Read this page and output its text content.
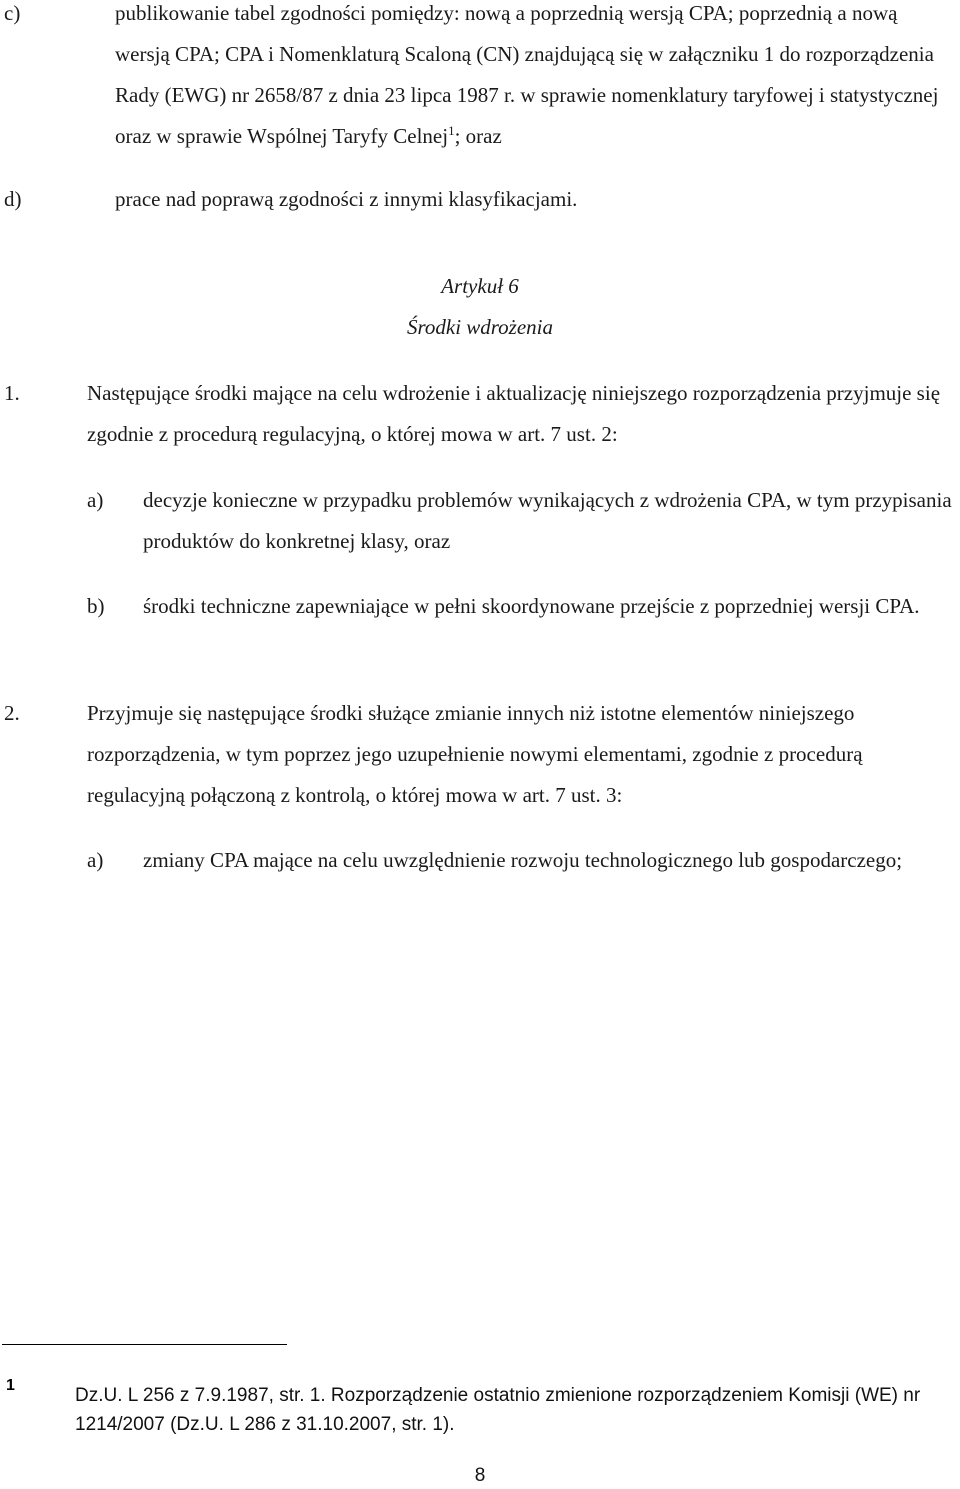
c)	publikowanie tabel zgodności pomiędzy: nową a poprzednią wersją CPA; poprzednią a nową wersją CPA; CPA i Nomenklaturą Scaloną (CN) znajdującą się w załączniku 1 do rozporządzenia Rady (EWG) nr 2658/87 z dnia 23 lipca 1987 r. w sprawie nomenklatury taryfowej i statystycznej oraz w sprawie Wspólnej Taryfy Celnej$^1$; oraz
d)	prace nad poprawą zgodności z innymi klasyfikacjami.
Artykuł 6
Środki wdrożenia
1.	Następujące środki mające na celu wdrożenie i aktualizację niniejszego rozporządzenia przyjmuje się zgodnie z procedurą regulacyjną, o której mowa w art. 7 ust. 2:
a) decyzje konieczne w przypadku problemów wynikających z wdrożenia CPA, w tym przypisania produktów do konkretnej klasy, oraz
b) środki techniczne zapewniające w pełni skoordynowane przejście z poprzedniej wersji CPA.
2.	Przyjmuje się następujące środki służące zmianie innych niż istotne elementów niniejszego rozporządzenia, w tym poprzez jego uzupełnienie nowymi elementami, zgodnie z procedurą regulacyjną połączoną z kontrolą, o której mowa w art. 7 ust. 3:
a) zmiany CPA mające na celu uwzględnienie rozwoju technologicznego lub gospodarczego;
1	Dz.U. L 256 z 7.9.1987, str. 1. Rozporządzenie ostatnio zmienione rozporządzeniem Komisji (WE) nr 1214/2007 (Dz.U. L 286 z 31.10.2007, str. 1).
8
